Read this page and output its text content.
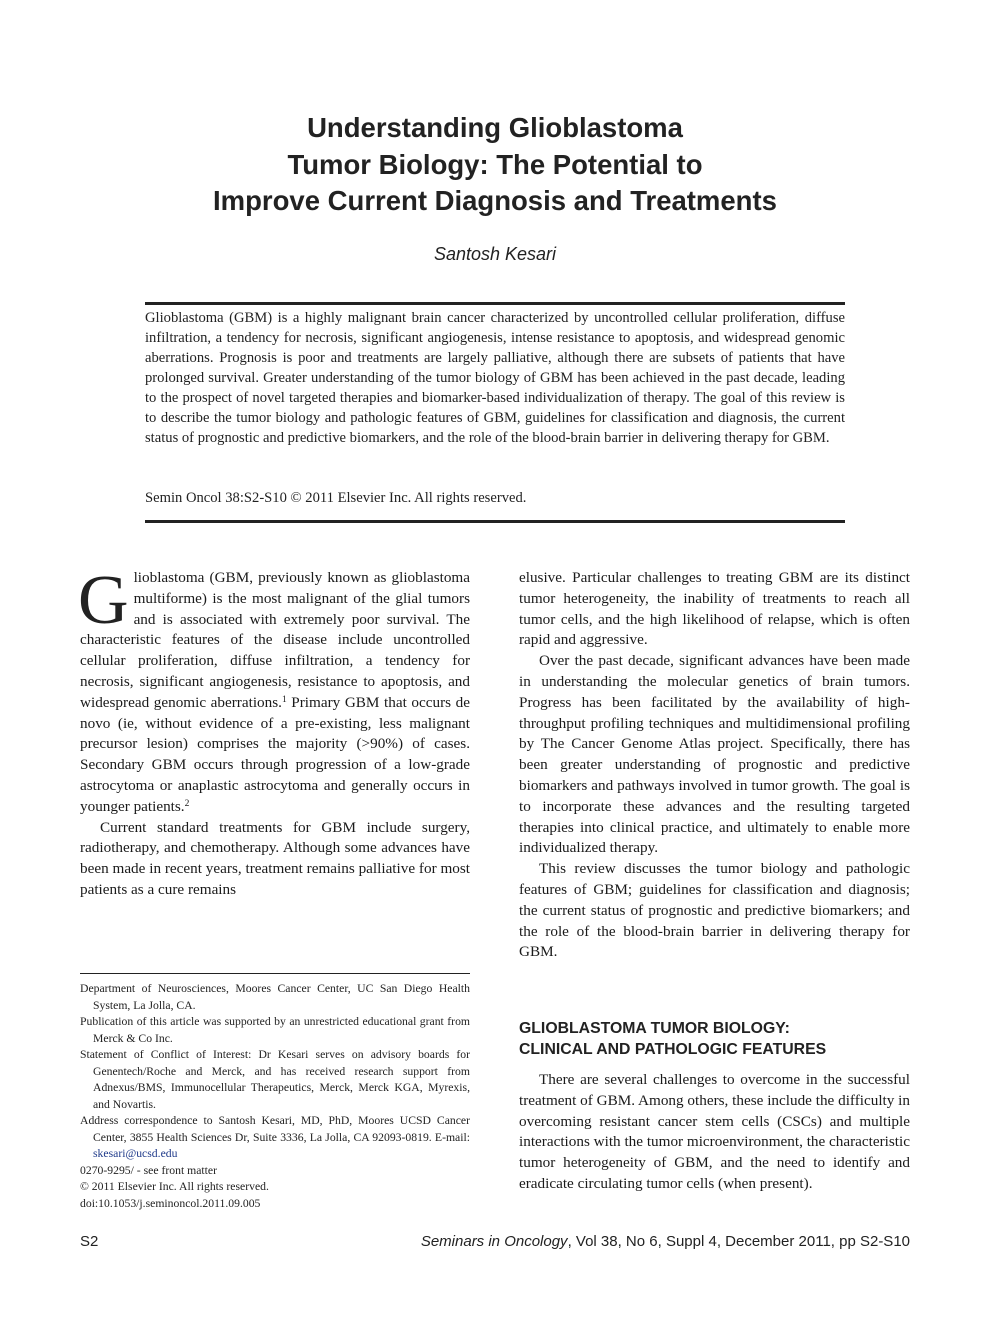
Understanding Glioblastoma
Tumor Biology: The Potential to
Improve Current Diagnosis and Treatments
Santosh Kesari
Glioblastoma (GBM) is a highly malignant brain cancer characterized by uncontrolled cellular proliferation, diffuse infiltration, a tendency for necrosis, significant angiogenesis, intense resistance to apoptosis, and widespread genomic aberrations. Prognosis is poor and treatments are largely palliative, although there are subsets of patients that have prolonged survival. Greater understanding of the tumor biology of GBM has been achieved in the past decade, leading to the prospect of novel targeted therapies and biomarker-based individualization of therapy. The goal of this review is to describe the tumor biology and pathologic features of GBM, guidelines for classification and diagnosis, the current status of prognostic and predictive biomarkers, and the role of the blood-brain barrier in delivering therapy for GBM.
Semin Oncol 38:S2-S10 © 2011 Elsevier Inc. All rights reserved.

Glioblastoma (GBM, previously known as glioblastoma multiforme) is the most malignant of the glial tumors and is associated with extremely poor survival. The characteristic features of the disease include uncontrolled cellular proliferation, diffuse infiltration, a tendency for necrosis, significant angiogenesis, resistance to apoptosis, and widespread genomic aberrations.$^1$ Primary GBM that occurs de novo (ie, without evidence of a pre-existing, less malignant precursor lesion) comprises the majority (>90%) of cases. Secondary GBM occurs through progression of a low-grade astrocytoma or anaplastic astrocytoma and generally occurs in younger patients.$^2$

Current standard treatments for GBM include surgery, radiotherapy, and chemotherapy. Although some advances have been made in recent years, treatment remains palliative for most patients as a cure remains

Department of Neurosciences, Moores Cancer Center, UC San Diego Health System, La Jolla, CA.
Publication of this article was supported by an unrestricted educational grant from Merck & Co Inc.
Statement of Conflict of Interest: Dr Kesari serves on advisory boards for Genentech/Roche and Merck, and has received research support from Adnexus/BMS, Immunocellular Therapeutics, Merck, Merck KGA, Myrexis, and Novartis.
Address correspondence to Santosh Kesari, MD, PhD, Moores UCSD Cancer Center, 3855 Health Sciences Dr, Suite 3336, La Jolla, CA 92093-0819. E-mail: skesari@ucsd.edu
0270-9295/ - see front matter
© 2011 Elsevier Inc. All rights reserved.
doi:10.1053/j.seminoncol.2011.09.005

elusive. Particular challenges to treating GBM are its distinct tumor heterogeneity, the inability of treatments to reach all tumor cells, and the high likelihood of relapse, which is often rapid and aggressive.

Over the past decade, significant advances have been made in understanding the molecular genetics of brain tumors. Progress has been facilitated by the availability of high-throughput profiling techniques and multidimensional profiling by The Cancer Genome Atlas project. Specifically, there has been greater understanding of prognostic and predictive biomarkers and pathways involved in tumor growth. The goal is to incorporate these advances and the resulting targeted therapies into clinical practice, and ultimately to enable more individualized therapy.

This review discusses the tumor biology and pathologic features of GBM; guidelines for classification and diagnosis; the current status of prognostic and predictive biomarkers; and the role of the blood-brain barrier in delivering therapy for GBM.

GLIOBLASTOMA TUMOR BIOLOGY:
CLINICAL AND PATHOLOGIC FEATURES

There are several challenges to overcome in the successful treatment of GBM. Among others, these include the difficulty in overcoming resistant cancer stem cells (CSCs) and multiple interactions with the tumor microenvironment, the characteristic tumor heterogeneity of GBM, and the need to identify and eradicate circulating tumor cells (when present).

S2	Seminars in Oncology, Vol 38, No 6, Suppl 4, December 2011, pp S2-S10
